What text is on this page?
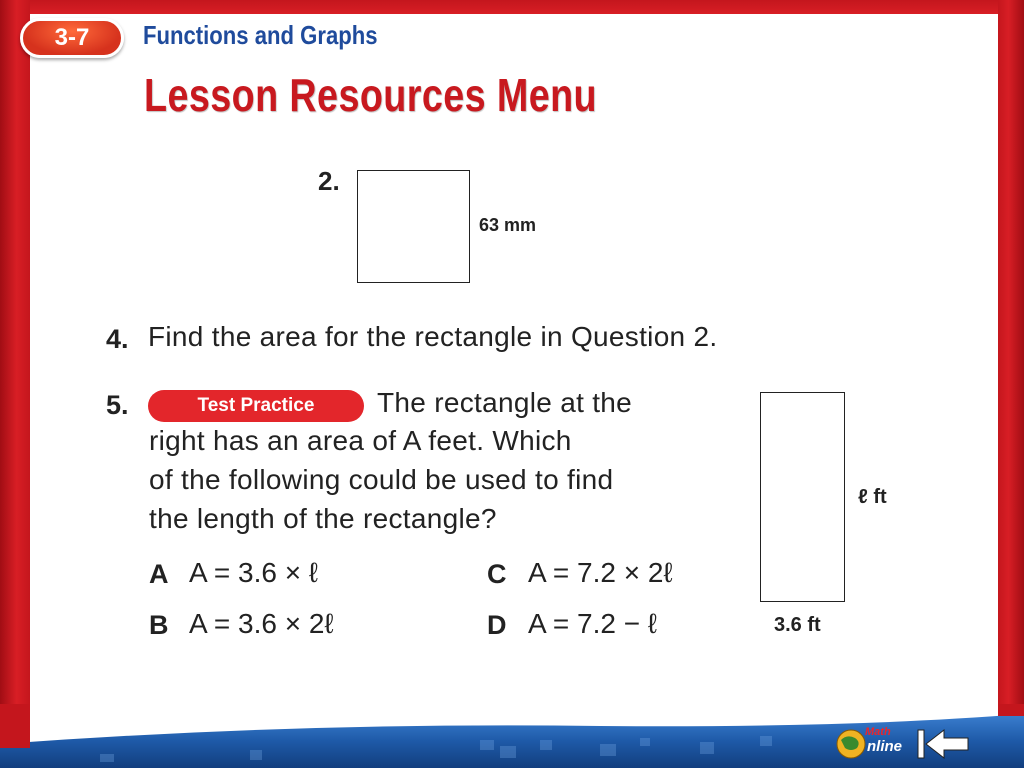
3-7 Functions and Graphs
Lesson Resources Menu
2.
63 mm
4. Find the area for the rectangle in Question 2.
5.	Test Practice	The rectangle at the
right has an area of A feet. Which
of the following could be used to find
the length of the rectangle?
ℓ ft
3.6 ft
A A = 3.6 × ℓ
B A = 3.6 × 2ℓ
C A = 7.2 × 2ℓ
D A = 7.2 − ℓ
Math
nline
